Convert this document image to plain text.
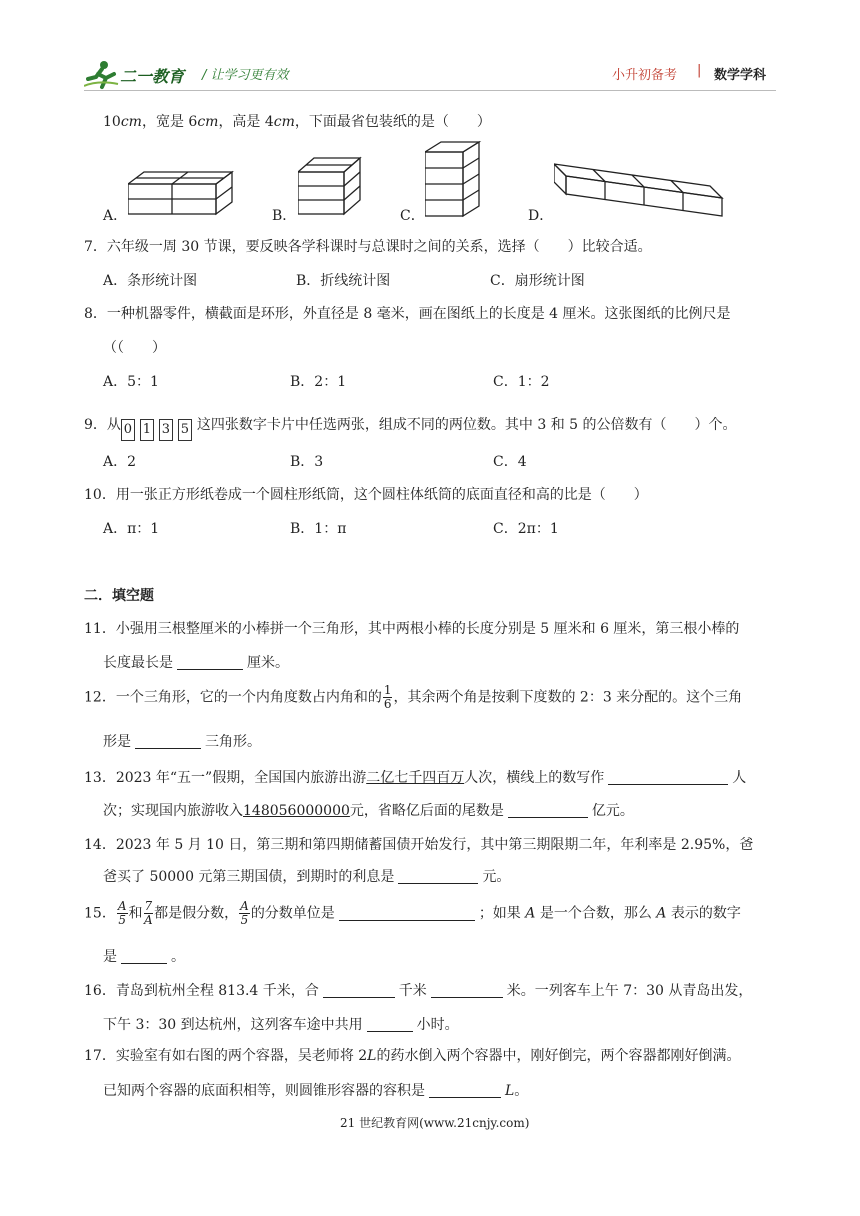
二一教育 / 让学习更有效	小升初备考 | 数学学科
10cm，宽是 6cm，高是 4cm，下面最省包装纸的是（　　）
A．	B．	C．	D．
7．六年级一周 30 节课，要反映各学科课时与总课时之间的关系，选择（　　）比较合适。
A．条形统计图	B．折线统计图	C．扇形统计图
8．一种机器零件，横截面是环形，外直径是 8 毫米，画在图纸上的长度是 4 厘米。这张图纸的比例尺是
（（　　）
A．5：1	B．2：1	C．1：2
9．从 0 1 3 5 这四张数字卡片中任选两张，组成不同的两位数。其中 3 和 5 的公倍数有（　　）个。
A．2	B．3	C．4
10．用一张正方形纸卷成一个圆柱形纸筒，这个圆柱体纸筒的底面直径和高的比是（　　）
A．π：1	B．1：π	C．2π：1
二．填空题
11．小强用三根整厘米的小棒拼一个三角形，其中两根小棒的长度分别是 5 厘米和 6 厘米，第三根小棒的
长度最长是	厘米。
12．一个三角形，它的一个内角度数占内角和的 $\frac{1}{6}$ ，其余两个角是按剩下度数的 2：3 来分配的。这个三角
形是	三角形。
13．2023 年“五一”假期，全国国内旅游出游二亿七千四百万人次，横线上的数写作	人
次；实现国内旅游收入148056000000元，省略亿后面的尾数是	亿元。
14．2023 年 5 月 10 日，第三期和第四期储蓄国债开始发行，其中第三期限期二年，年利率是 2.95%，爸
爸买了 50000 元第三期国债，到期时的利息是	元。
15． $\frac{A}{5}$ 和 $\frac{7}{A}$ 都是假分数， $\frac{A}{5}$ 的分数单位是	；如果 A 是一个合数，那么 A 表示的数字
是	。
16．青岛到杭州全程 813.4 千米，合	千米	米。一列客车上午 7：30 从青岛出发，
下午 3：30 到达杭州，这列客车途中共用	小时。
17．实验室有如右图的两个容器，吴老师将 2L的药水倒入两个容器中，刚好倒完，两个容器都刚好倒满。
已知两个容器的底面积相等，则圆锥形容器的容积是	L。
21 世纪教育网(www.21cnjy.com)
